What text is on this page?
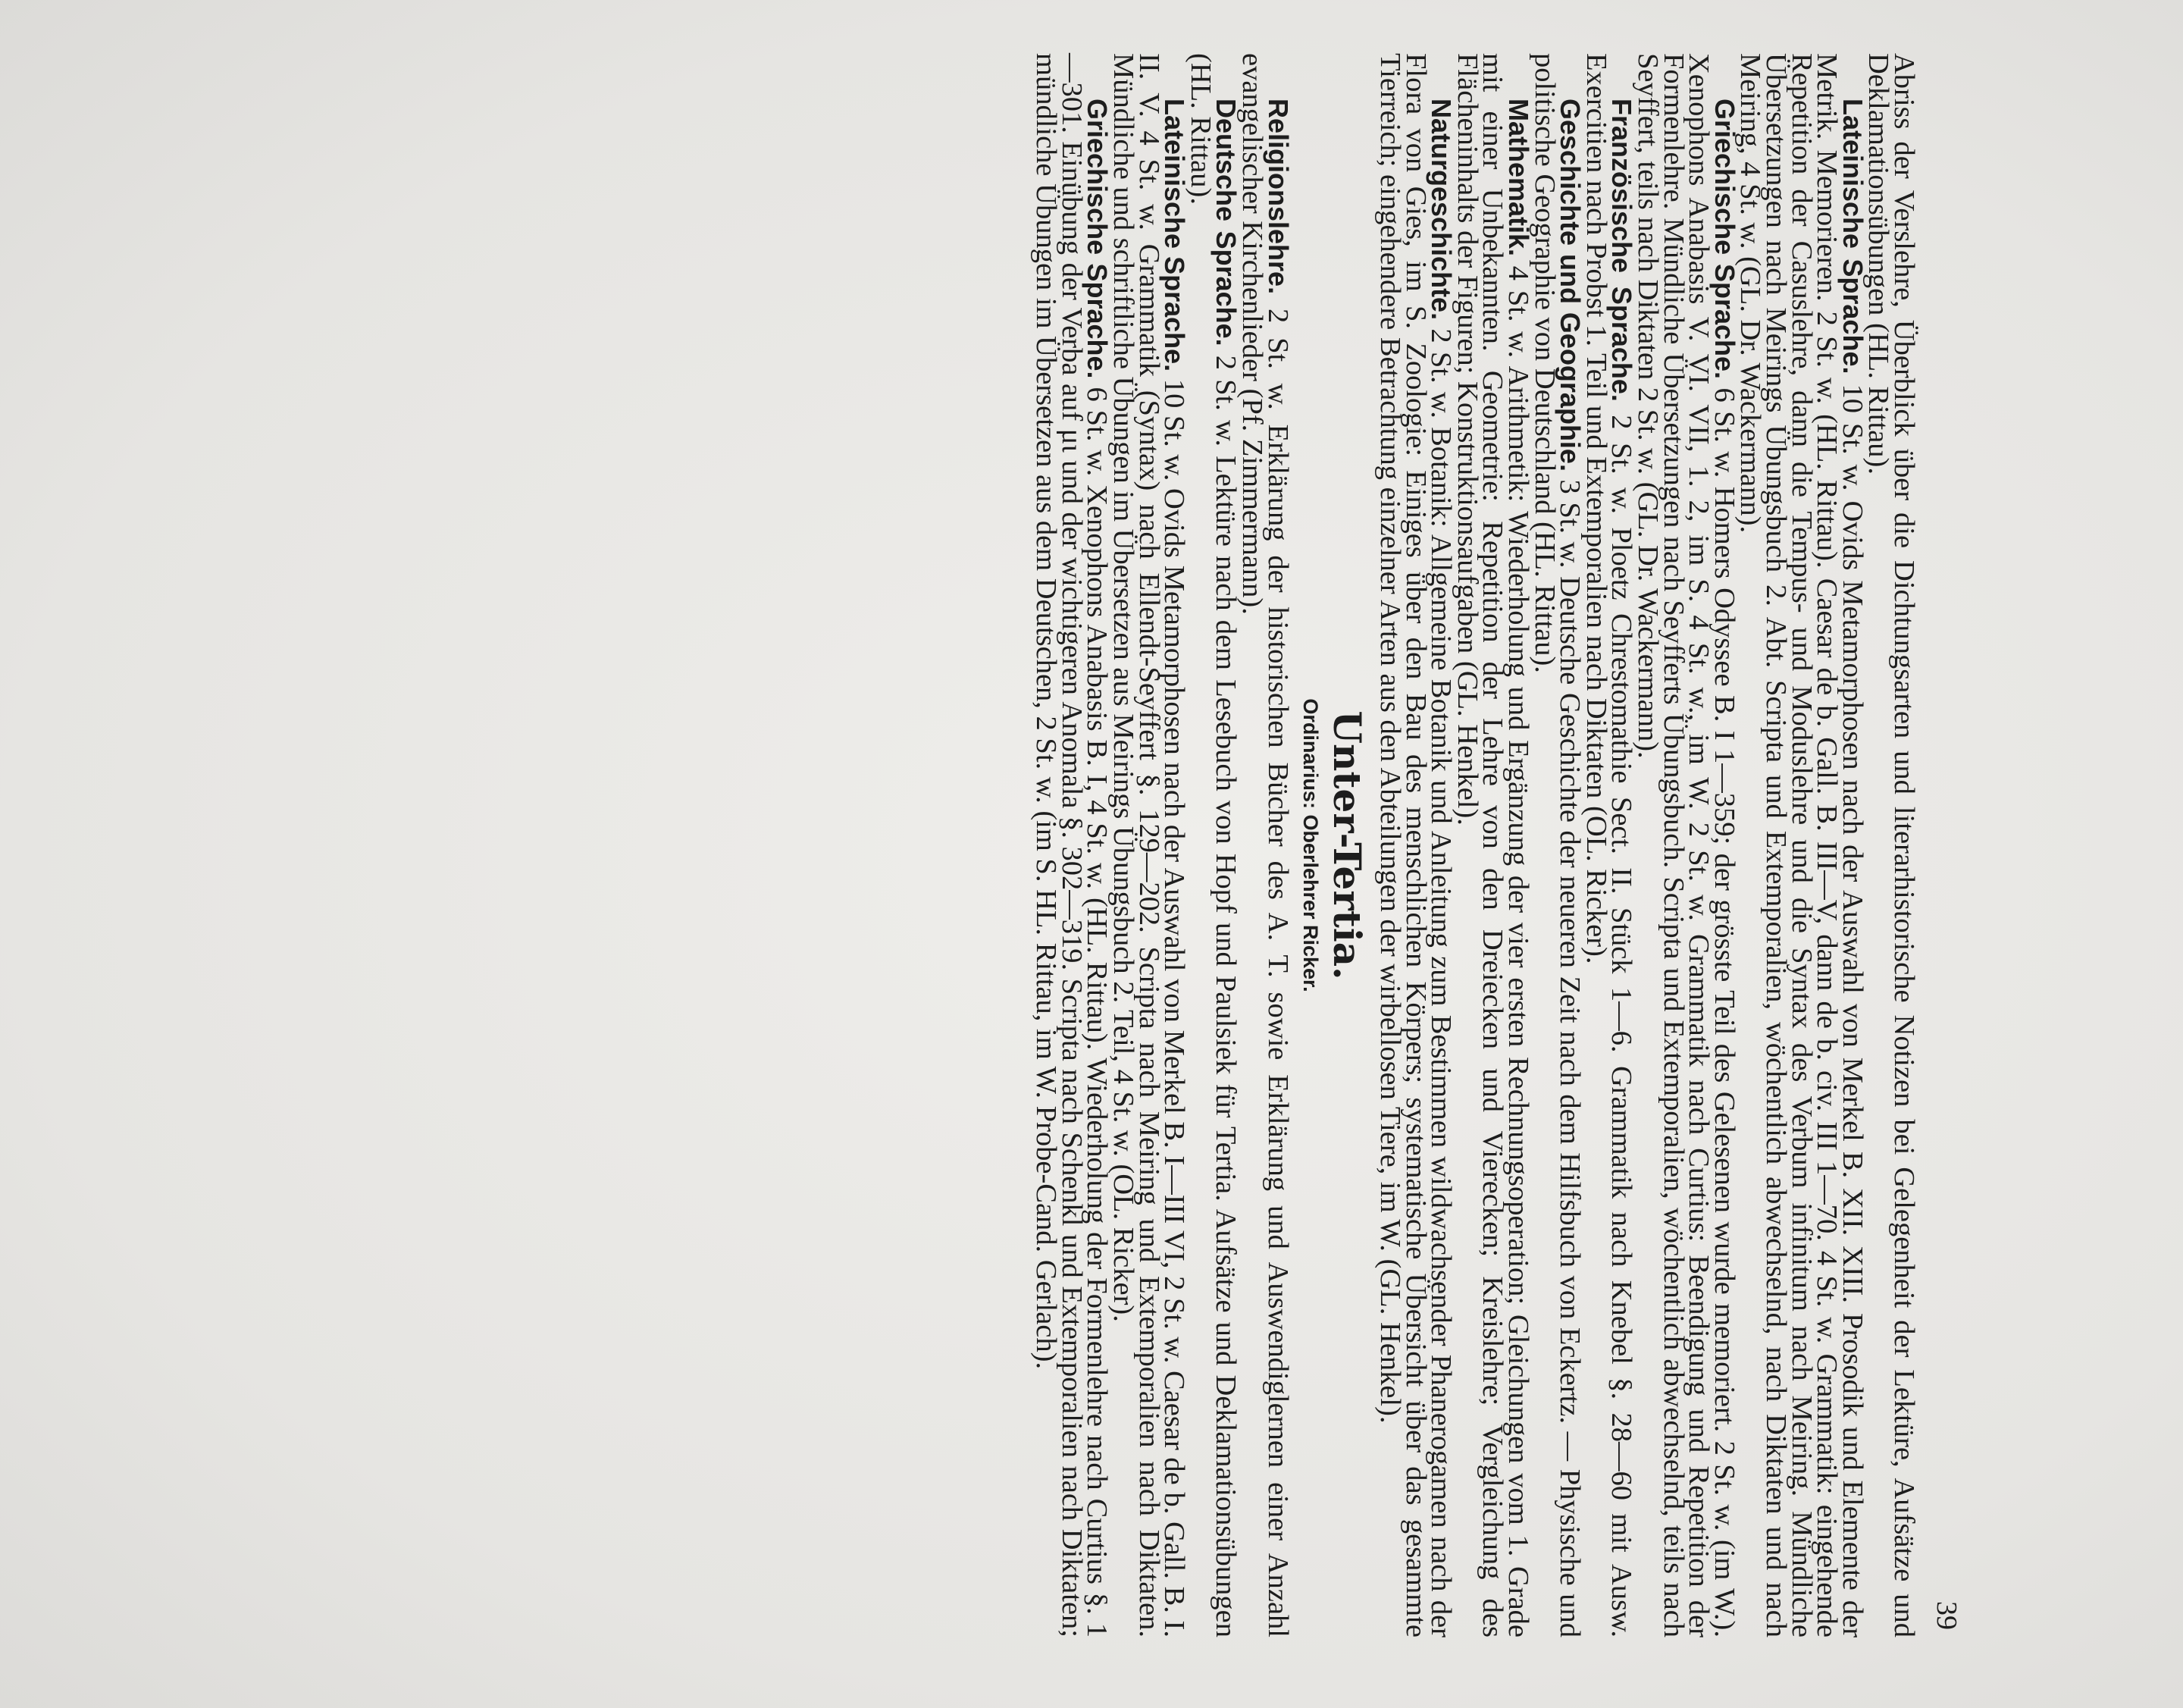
39

Abriss der Verslehre, Überblick über die Dichtungsarten und literarhistorische Notizen bei Gelegenheit der Lektüre, Aufsätze und Deklamationsübungen (HL. Rittau).

Lateinische Sprache. 10 St. w. Ovids Metamorphosen nach der Auswahl von Merkel B. XII. XIII. Prosodik und Elemente der Metrik. Memorieren. 2 St. w. (HL. Rittau). Caesar de b. Gall. B. III—V, dann de b. civ. III 1—70. 4 St. w. Grammatik: eingehende Repetition der Casuslehre, dann die Tempus- und Moduslehre und die Syntax des Verbum infinitum nach Meiring. Mündliche Übersetzungen nach Meirings Übungsbuch 2. Abt. Scripta und Extemporalien, wöchentlich abwechselnd, nach Diktaten und nach Meiring, 4 St. w. (GL. Dr. Wackermann).

Griechische Sprache. 6 St. w. Homers Odyssee B. I 1—359; der grösste Teil des Gelesenen wurde memoriert. 2 St. w. (im W.). Xenophons Anabasis V. VI. VII, 1. 2, im S. 4 St. w., im W. 2 St. w. Grammatik nach Curtius: Beendigung und Repetition der Formenlehre. Mündliche Übersetzungen nach Seyfferts Übungsbuch. Scripta und Extemporalien, wöchentlich abwechselnd, teils nach Seyffert, teils nach Diktaten 2 St. w. (GL. Dr. Wackermann).

Französische Sprache. 2 St. w. Ploetz Chrestomathie Sect. II. Stück 1—6. Grammatik nach Knebel §. 28—60 mit Ausw. Exercitien nach Probst 1. Teil und Extemporalien nach Diktaten (OL. Ricker).

Geschichte und Geographie. 3 St. w. Deutsche Geschichte der neueren Zeit nach dem Hilfsbuch von Eckertz. — Physische und politische Geographie von Deutschland (HL. Rittau).

Mathematik. 4 St. w. Arithmetik: Wiederholung und Ergänzung der vier ersten Rechnungsoperation; Gleichungen vom 1. Grade mit einer Unbekannten. Geometrie: Repetition der Lehre von den Dreiecken und Vierecken; Kreislehre; Vergleichung des Flächeninhalts der Figuren; Konstruktionsaufgaben (GL. Henkel).

Naturgeschichte. 2 St. w. Botanik: Allgemeine Botanik und Anleitung zum Bestimmen wildwachsender Phanerogamen nach der Flora von Gies, im S. Zoologie: Einiges über den Bau des menschlichen Körpers; systematische Übersicht über das gesammte Tierreich; eingehendere Betrachtung einzelner Arten aus den Abteilungen der wirbellosen Tiere, im W. (GL. Henkel).

Unter-Tertia.
Ordinarius: Oberlehrer Ricker.

Religionslehre. 2 St. w. Erklärung der historischen Bücher des A. T. sowie Erklärung und Auswendiglernen einer Anzahl evangelischer Kirchenlieder (Pf. Zimmermann).

Deutsche Sprache. 2 St. w. Lektüre nach dem Lesebuch von Hopf und Paulsiek für Tertia. Aufsätze und Deklamationsübungen (HL. Rittau).

Lateinische Sprache. 10 St. w. Ovids Metamorphosen nach der Auswahl von Merkel B. I—III VI, 2 St. w. Caesar de b. Gall. B. I. II. V. 4 St. w. Grammatik (Syntax) nach Ellendt-Seyffert §. 129—202. Scripta nach Meiring und Extemporalien nach Diktaten. Mündliche und schriftliche Übungen im Übersetzen aus Meirings Übungsbuch 2. Teil, 4 St. w. (OL. Ricker).

Griechische Sprache. 6 St. w. Xenophons Anabasis B. I, 4 St. w. (HL. Rittau). Wiederholung der Formenlehre nach Curtius §. 1—301. Einübung der Verba auf μι und der wichtigeren Anomala §. 302—319. Scripta nach Schenkl und Extemporalien nach Diktaten; mündliche Übungen im Übersetzen aus dem Deutschen, 2 St. w. (im S. HL. Rittau, im W. Probe-Cand. Gerlach).
